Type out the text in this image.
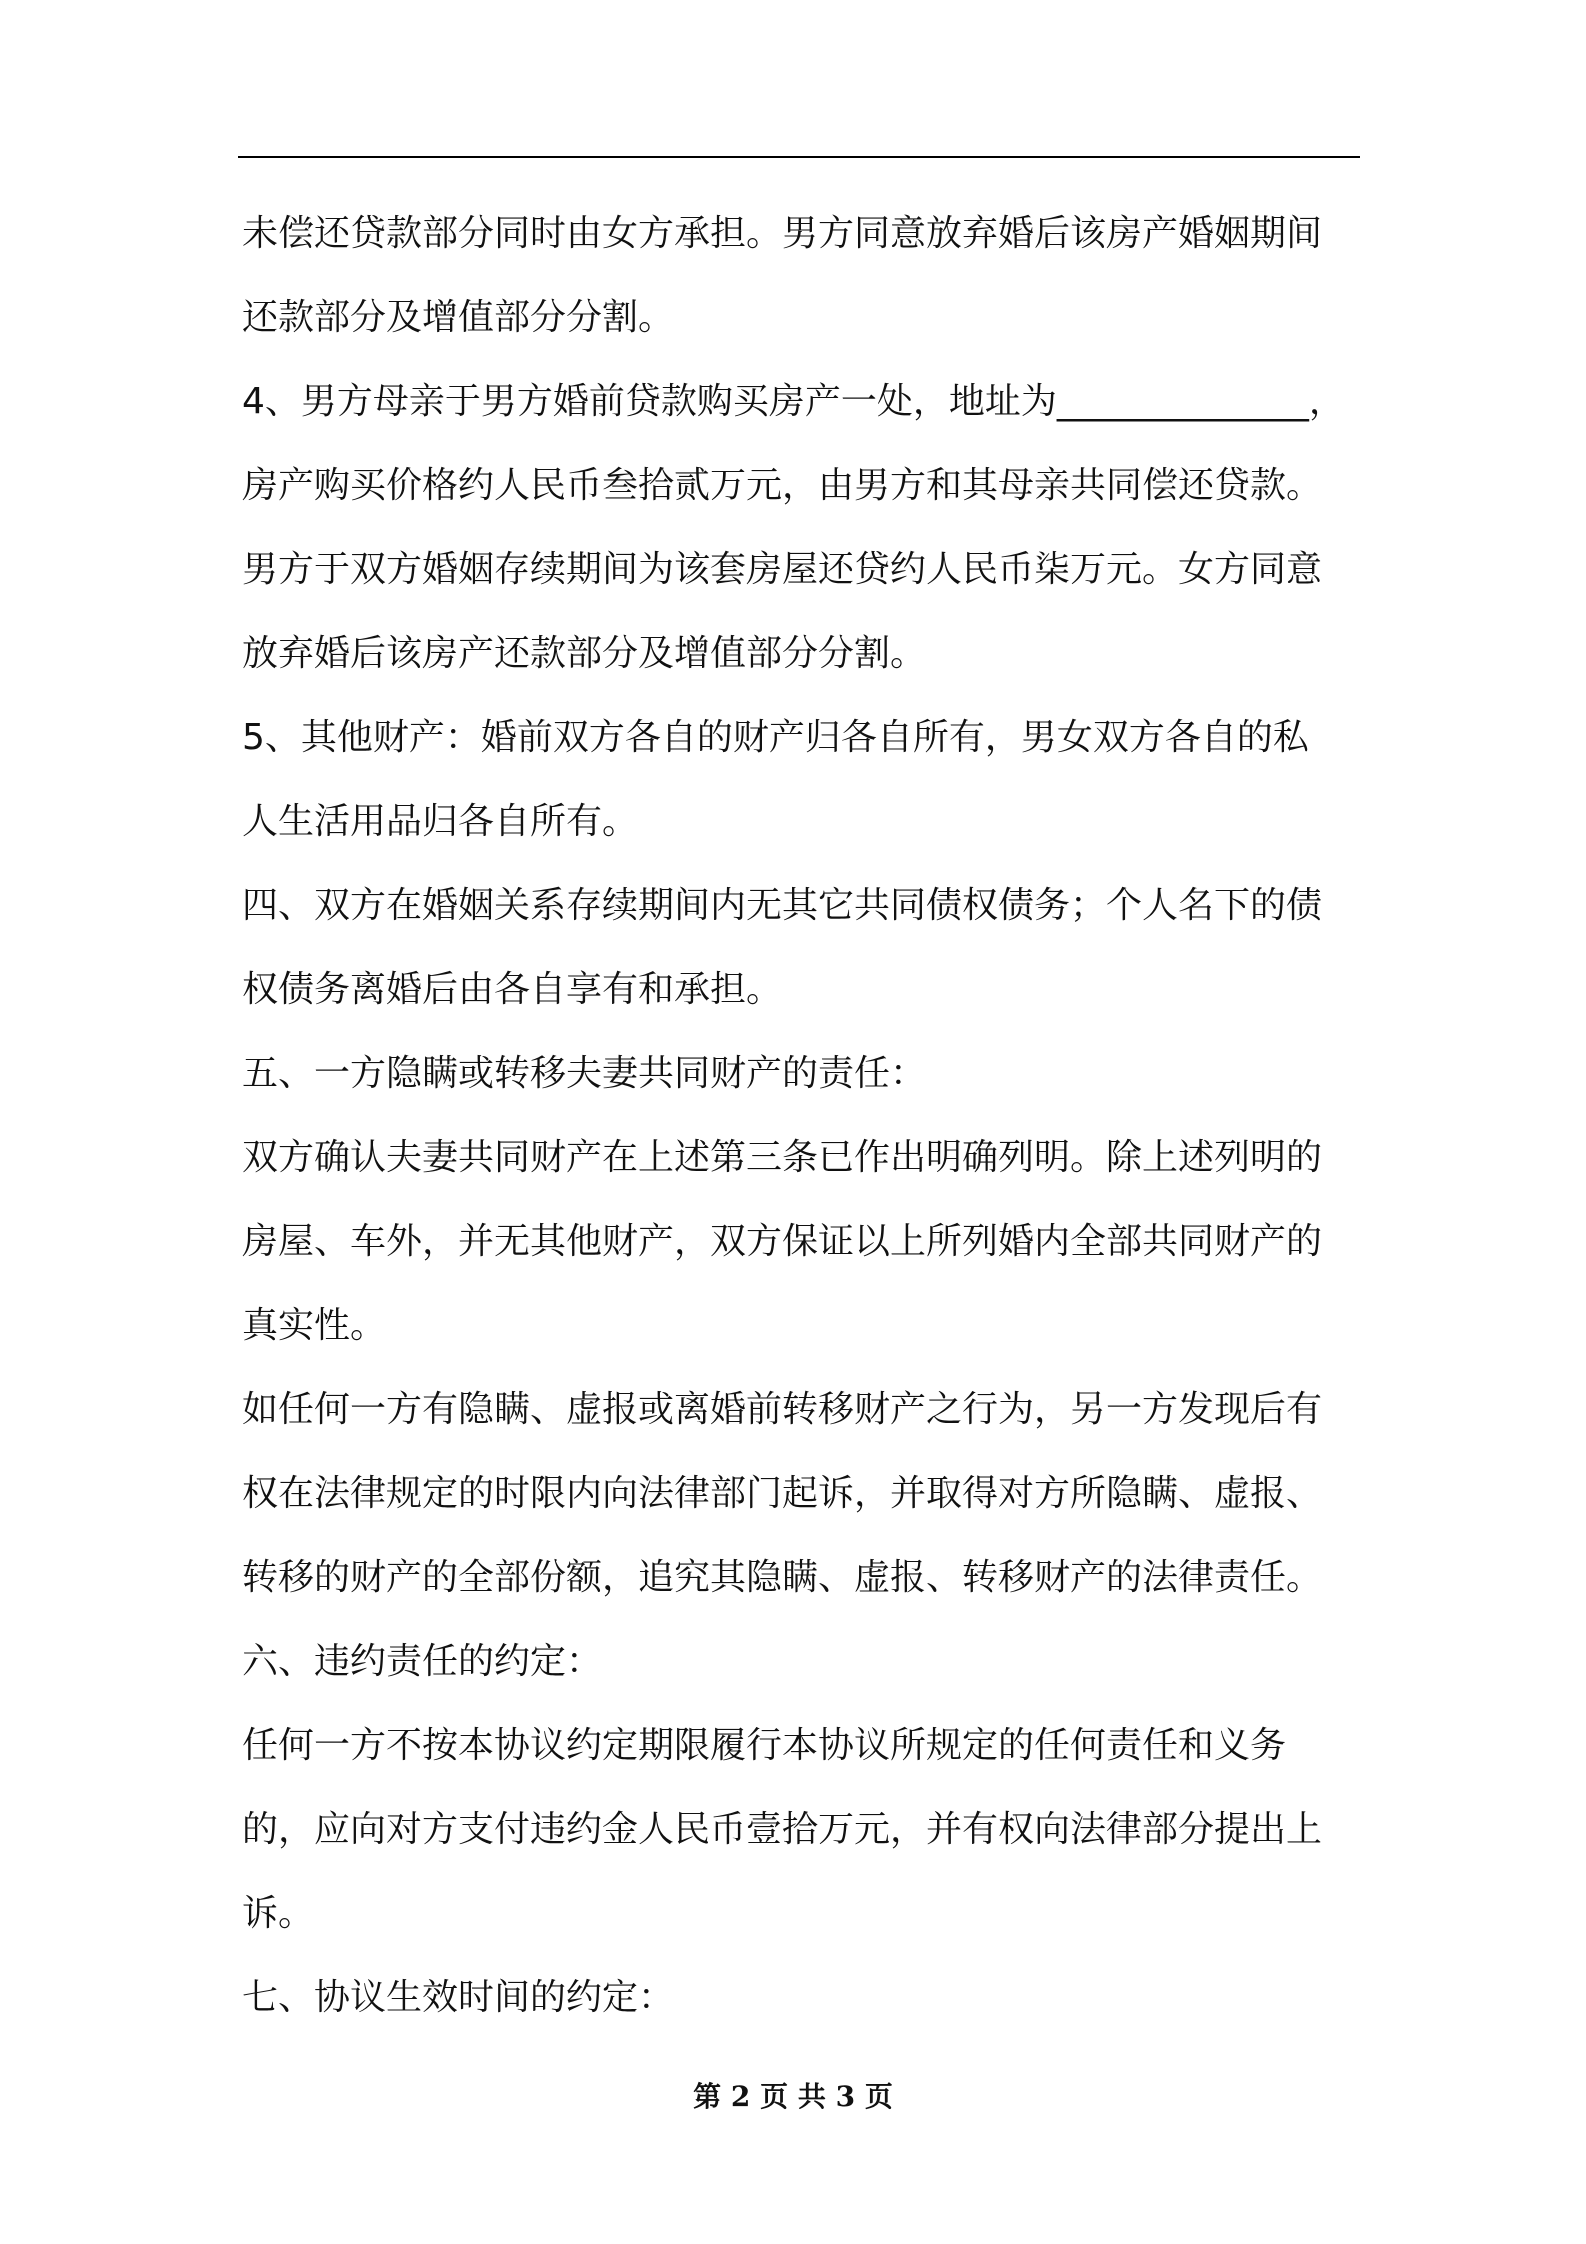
未偿还贷款部分同时由女方承担。男方同意放弃婚后该房产婚姻期间
还款部分及增值部分分割。
4、男方母亲于男方婚前贷款购买房产一处，地址为______________，
房产购买价格约人民币叁拾贰万元，由男方和其母亲共同偿还贷款。
男方于双方婚姻存续期间为该套房屋还贷约人民币柒万元。女方同意
放弃婚后该房产还款部分及增值部分分割。
5、其他财产：婚前双方各自的财产归各自所有，男女双方各自的私
人生活用品归各自所有。
四、双方在婚姻关系存续期间内无其它共同债权债务；个人名下的债
权债务离婚后由各自享有和承担。
五、一方隐瞒或转移夫妻共同财产的责任：
双方确认夫妻共同财产在上述第三条已作出明确列明。除上述列明的
房屋、车外，并无其他财产，双方保证以上所列婚内全部共同财产的
真实性。
如任何一方有隐瞒、虚报或离婚前转移财产之行为，另一方发现后有
权在法律规定的时限内向法律部门起诉，并取得对方所隐瞒、虚报、
转移的财产的全部份额，追究其隐瞒、虚报、转移财产的法律责任。
六、违约责任的约定：
任何一方不按本协议约定期限履行本协议所规定的任何责任和义务
的，应向对方支付违约金人民币壹拾万元，并有权向法律部分提出上
诉。
七、协议生效时间的约定：
第 2 页 共 3 页
